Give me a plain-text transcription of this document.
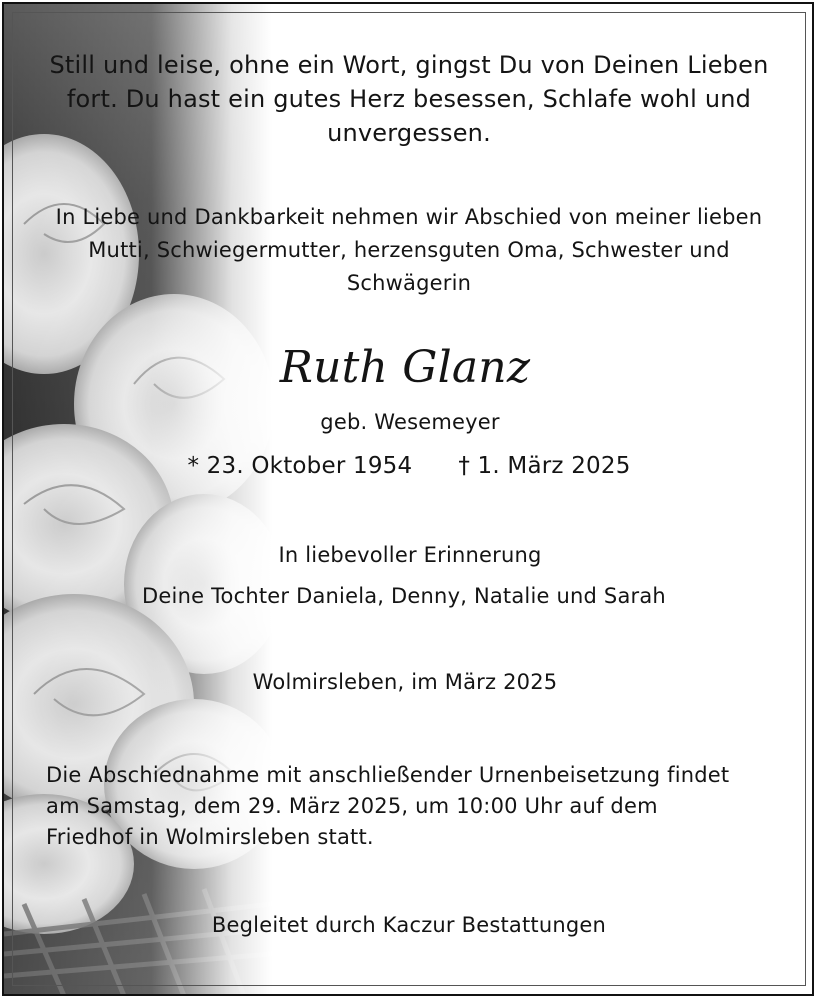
Still und leise, ohne ein Wort, gingst Du von Deinen Lieben
fort. Du hast ein gutes Herz besessen, Schlafe wohl und
unvergessen.
In Liebe und Dankbarkeit nehmen wir Abschied von meiner lieben
Mutti, Schwiegermutter, herzensguten Oma, Schwester und
Schwägerin
Ruth Glanz
geb. Wesemeyer
* 23. Oktober 1954 † 1. März 2025
In liebevoller Erinnerung
Deine Tochter Daniela, Denny, Natalie und Sarah
Wolmirsleben, im März 2025
Die Abschiednahme mit anschließender Urnenbeisetzung findet
am Samstag, dem 29. März 2025, um 10:00 Uhr auf dem
Friedhof in Wolmirsleben statt.
Begleitet durch Kaczur Bestattungen
